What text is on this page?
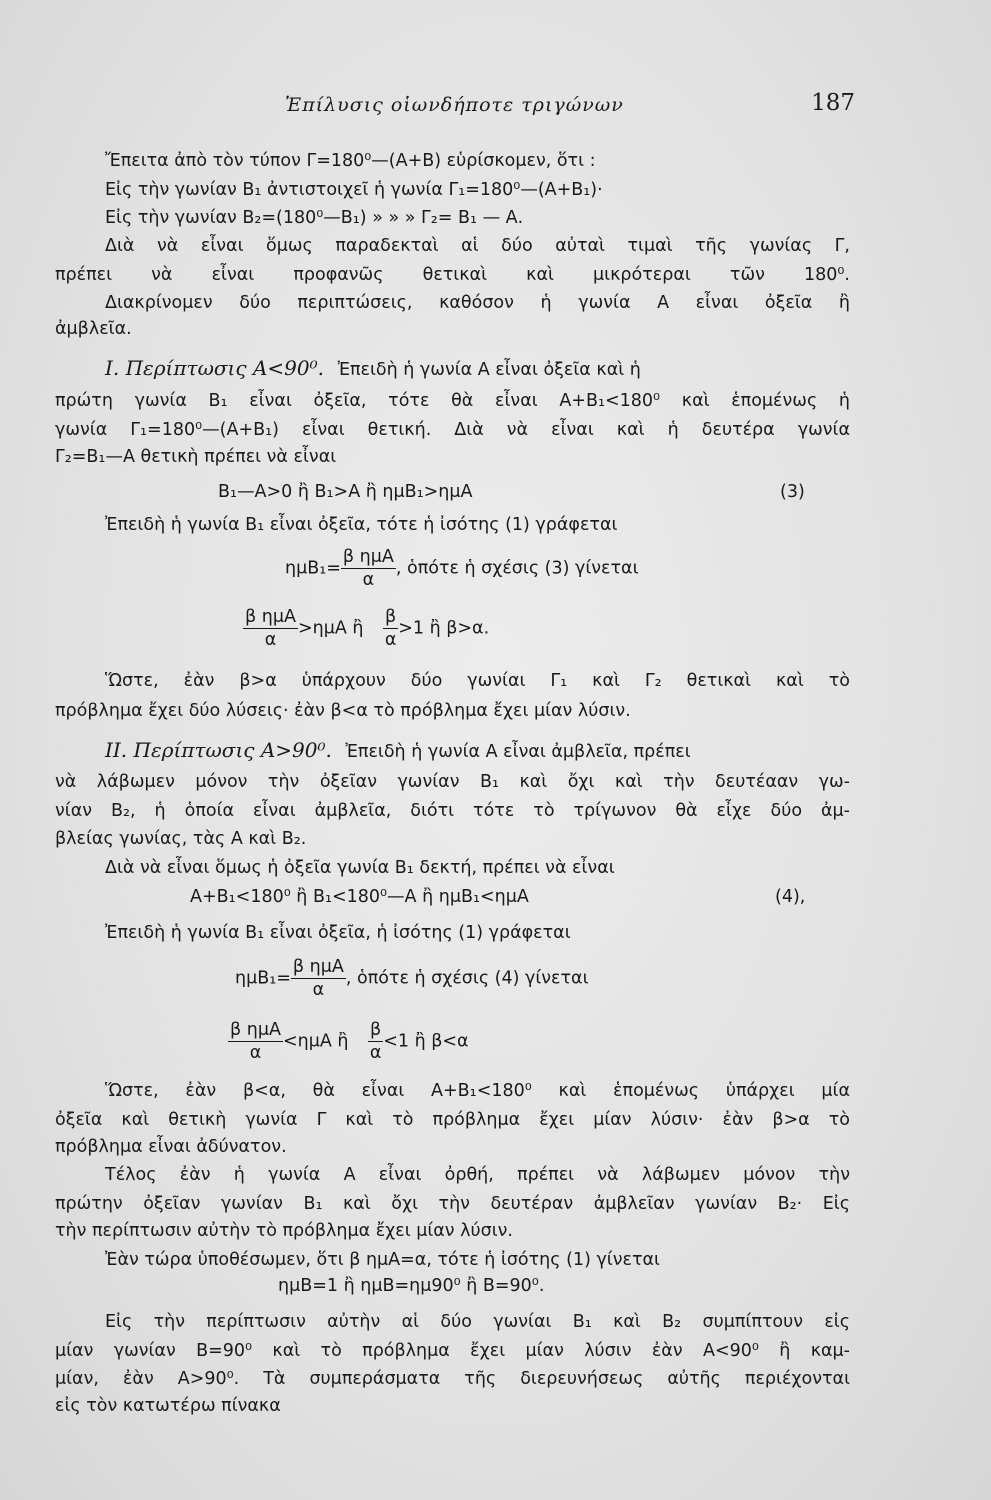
Ἐπίλυσις οἱωνδήποτε τριγώνων	187
Ἔπειτα ἀπὸ τὸν τύπον Γ=180⁰—(Α+Β) εὑρίσκομεν, ὅτι :
Εἰς τὴν γωνίαν Β₁ ἀντιστοιχεῖ ἡ γωνία Γ₁=180⁰—(Α+Β₁)·
Εἰς τὴν γωνίαν Β₂=(180⁰—Β₁) » » » Γ₂= Β₁ — Α.
Διὰ νὰ εἶναι ὅμως παραδεκταὶ αἱ δύο αὐταὶ τιμαὶ τῆς γωνίας Γ,
πρέπει νὰ εἶναι προφανῶς θετικαὶ καὶ μικρότεραι τῶν 180⁰.
Διακρίνομεν δύο περιπτώσεις, καθόσον ἡ γωνία Α εἶναι ὀξεῖα ἢ
ἀμβλεῖα.
Ι. Περίπτωσις Α<90⁰. Ἐπειδὴ ἡ γωνία Α εἶναι ὀξεῖα καὶ ἡ
πρώτη γωνία Β₁ εἶναι ὀξεῖα, τότε θὰ εἶναι Α+Β₁<180⁰ καὶ ἑπομένως ἡ
γωνία Γ₁=180⁰—(Α+Β₁) εἶναι θετική. Διὰ νὰ εἶναι καὶ ἡ δευτέρα γωνία
Γ₂=Β₁—Α θετικὴ πρέπει νὰ εἶναι
Β₁—Α>0 ἢ Β₁>Α ἢ ημΒ₁>ημΑ	(3)
Ἐπειδὴ ἡ γωνία Β₁ εἶναι ὀξεῖα, τότε ἡ ἰσότης (1) γράφεται
$\eta\mu B_1= \frac{\text{β ημΑ}}{\alpha}$ , ὁπότε ἡ σχέσις (3) γίνεται
$\frac{\text{β ημΑ}}{\alpha} >\eta\mu A$ ἢ $\frac{\beta}{\alpha} >1$ ἢ β>α.
Ὥστε, ἐὰν β>α ὑπάρχουν δύο γωνίαι Γ₁ καὶ Γ₂ θετικαὶ καὶ τὸ
πρόβλημα ἔχει δύο λύσεις· ἐὰν β<α τὸ πρόβλημα ἔχει μίαν λύσιν.
ΙΙ. Περίπτωσις Α>90⁰. Ἐπειδὴ ἡ γωνία Α εἶναι ἀμβλεῖα, πρέπει
νὰ λάβωμεν μόνον τὴν ὀξεῖαν γωνίαν Β₁ καὶ ὄχι καὶ τὴν δευτέααν γω-
νίαν Β₂, ἡ ὁποία εἶναι ἀμβλεῖα, διότι τότε τὸ τρίγωνον θὰ εἶχε δύο ἀμ-
βλείας γωνίας, τὰς Α καὶ Β₂.
Διὰ νὰ εἶναι ὅμως ἡ ὀξεῖα γωνία Β₁ δεκτή, πρέπει νὰ εἶναι
Α+Β₁<180⁰ ἢ Β₁<180⁰—Α ἢ ημΒ₁<ημΑ	(4),
Ἐπειδὴ ἡ γωνία Β₁ εἶναι ὀξεῖα, ἡ ἰσότης (1) γράφεται
$\eta\mu B_1= \frac{\text{β ημΑ}}{\alpha}$ , ὁπότε ἡ σχέσις (4) γίνεται
$\frac{\text{β ημΑ}}{\alpha} <\eta\mu A$ ἢ $\frac{\beta}{\alpha} <1$ ἢ β<α
Ὥστε, ἐὰν β<α, θὰ εἶναι Α+Β₁<180⁰ καὶ ἑπομένως ὑπάρχει μία
ὀξεῖα καὶ θετικὴ γωνία Γ καὶ τὸ πρόβλημα ἔχει μίαν λύσιν· ἐὰν β>α τὸ
πρόβλημα εἶναι ἀδύνατον.
Τέλος ἐὰν ἡ γωνία Α εἶναι ὀρθή, πρέπει νὰ λάβωμεν μόνον τὴν
πρώτην ὀξεῖαν γωνίαν Β₁ καὶ ὄχι τὴν δευτέραν ἀμβλεῖαν γωνίαν Β₂· Εἰς
τὴν περίπτωσιν αὐτὴν τὸ πρόβλημα ἔχει μίαν λύσιν.
Ἐὰν τώρα ὑποθέσωμεν, ὅτι β ημΑ=α, τότε ἡ ἰσότης (1) γίνεται
ημΒ=1 ἢ ημΒ=ημ90⁰ ἢ Β=90⁰.
Εἰς τὴν περίπτωσιν αὐτὴν αἱ δύο γωνίαι Β₁ καὶ Β₂ συμπίπτουν εἰς
μίαν γωνίαν Β=90⁰ καὶ τὸ πρόβλημα ἔχει μίαν λύσιν ἐὰν Α<90⁰ ἢ καμ-
μίαν, ἐὰν Α>90⁰. Τὰ συμπεράσματα τῆς διερευνήσεως αὐτῆς περιέχονται
εἰς τὸν κατωτέρω πίνακα
